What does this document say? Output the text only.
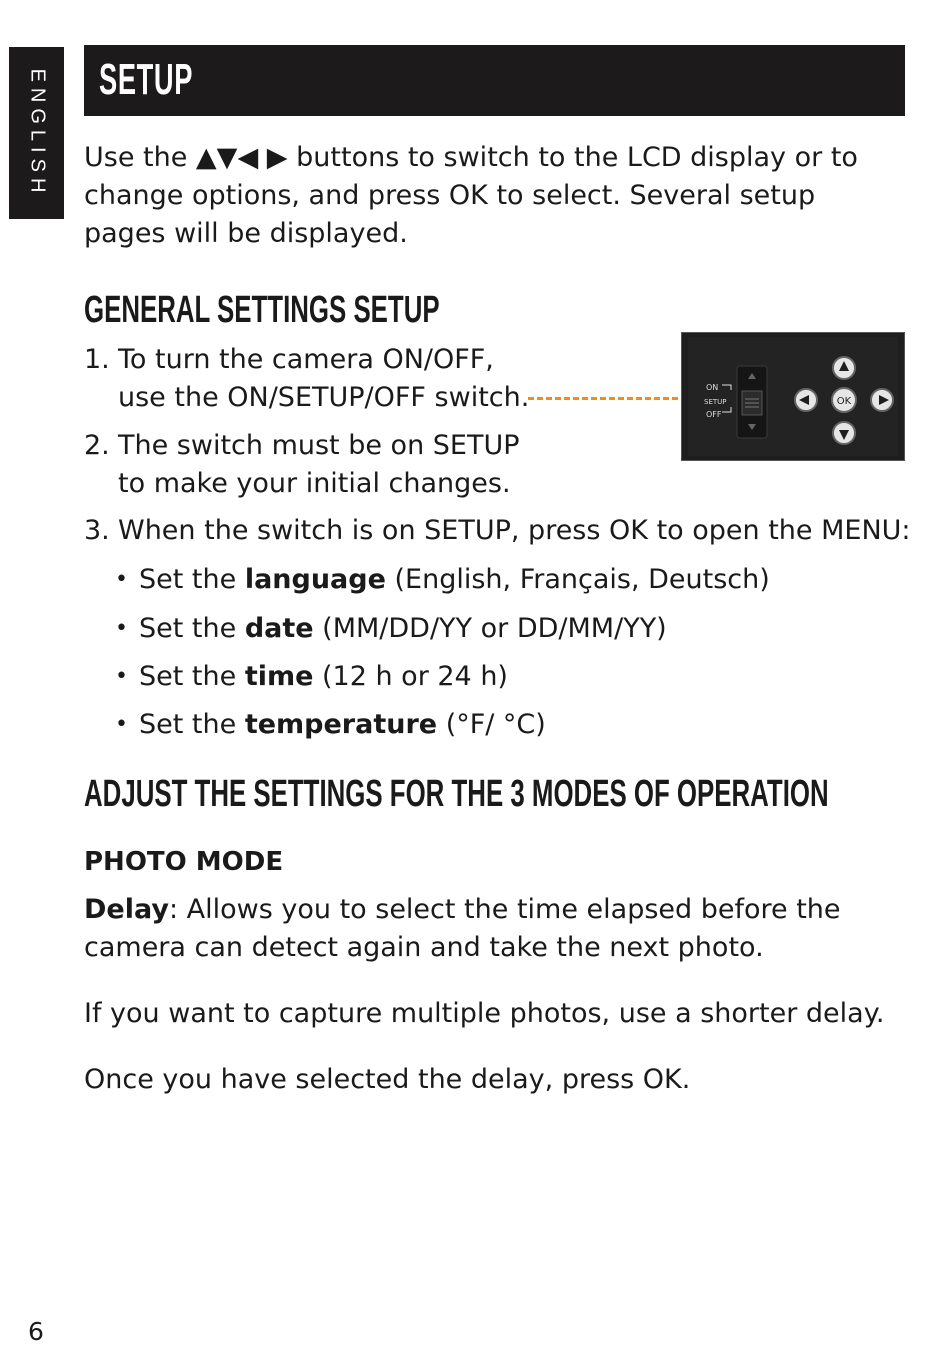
ENGLISH SETUP

Use the ▲▼◀ ▶ buttons to switch to the LCD display or to change options, and press OK to select. Several setup pages will be displayed.

GENERAL SETTINGS SETUP
1. To turn the camera ON/OFF,
use the ON/SETUP/OFF switch.
2. The switch must be on SETUP
to make your initial changes.
3. When the switch is on SETUP, press OK to open the MENU:
• Set the language (English, Français, Deutsch)
• Set the date (MM/DD/YY or DD/MM/YY)
• Set the time (12 h or 24 h)
• Set the temperature (°F/ °C)
ON
SETUP
OFF
OK
ADJUST THE SETTINGS FOR THE 3 MODES OF OPERATION
PHOTO MODE

Delay: Allows you to select the time elapsed before the camera can detect again and take the next photo.

If you want to capture multiple photos, use a shorter delay.

Once you have selected the delay, press OK.

6
